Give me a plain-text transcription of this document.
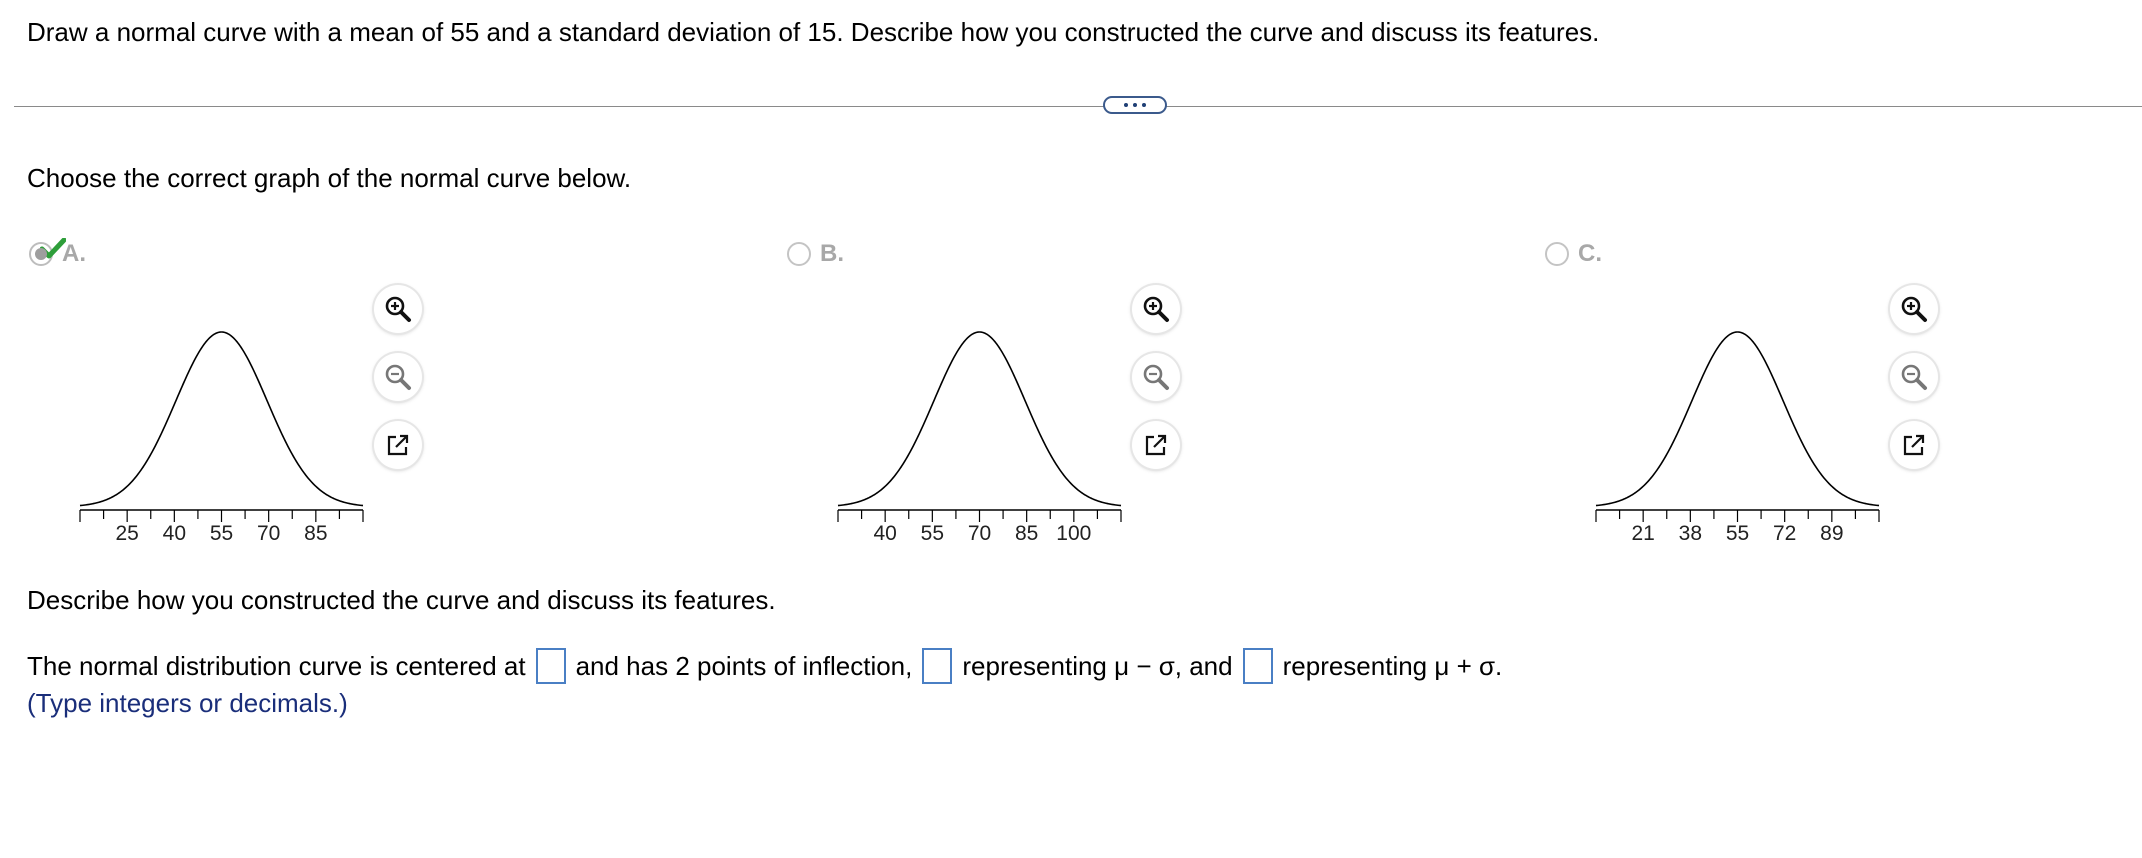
Draw a normal curve with a mean of 55 and a standard deviation of 15. Describe how you constructed the curve and discuss its features.
Choose the correct graph of the normal curve below.
A.	B.	C.
25 40 55 70 85	40 55 70 85 100	21 38 55 72 89
Describe how you constructed the curve and discuss its features.
The normal distribution curve is centered at and has 2 points of inflection, representing μ − σ, and representing μ + σ.
(Type integers or decimals.)
